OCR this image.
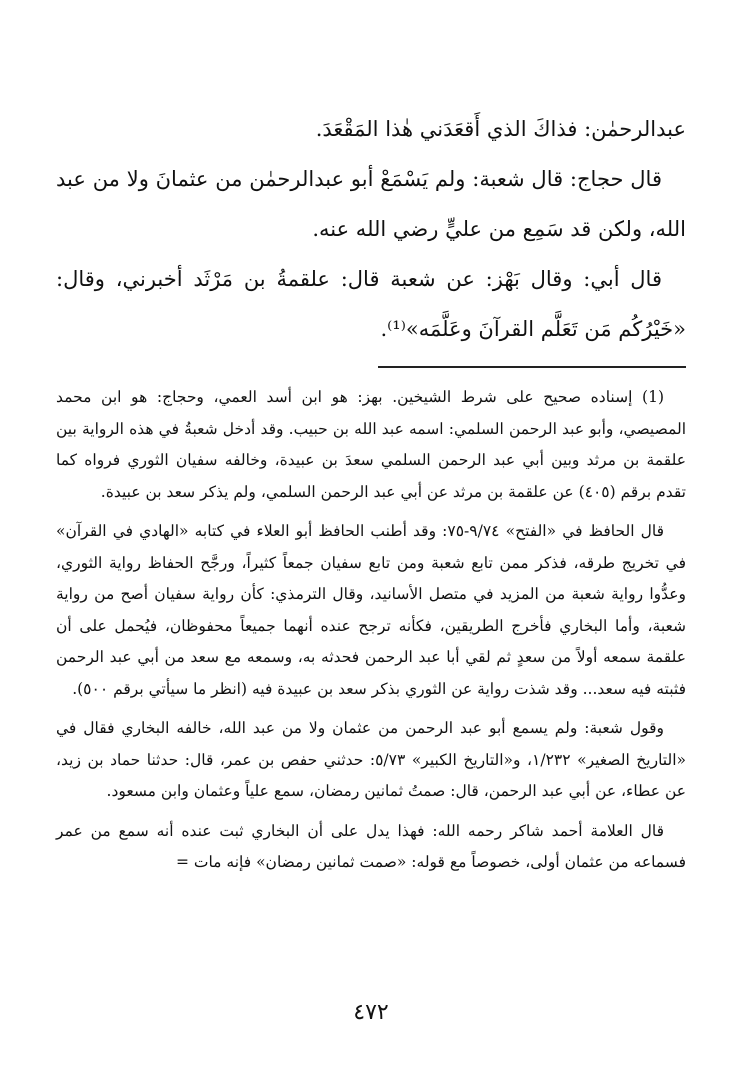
عبدالرحمٰن: فذاكَ الذي أَقعَدَني هٰذا المَقْعَدَ.

قال حجاج: قال شعبة: ولم يَسْمَعْ أبو عبدالرحمٰن من عثمانَ ولا من عبد الله، ولكن قد سَمِع من عليٍّ رضي الله عنه.

قال أبي: وقال بَهْز: عن شعبة قال: علقمةُ بن مَرْثَد أخبرني، وقال: «خَيْرُكُم مَن تَعَلَّم القرآنَ وعَلَّمَه»⁽¹⁾.

(1) إسناده صحيح على شرط الشيخين. بهز: هو ابن أسد العمي، وحجاج: هو ابن محمد المصيصي، وأبو عبد الرحمن السلمي: اسمه عبد الله بن حبيب. وقد أدخل شعبةُ في هذه الرواية بين علقمة بن مرثد وبين أبي عبد الرحمن السلمي سعدَ بن عبيدة، وخالفه سفيان الثوري فرواه كما تقدم برقم (٤٠٥) عن علقمة بن مرثد عن أبي عبد الرحمن السلمي، ولم يذكر سعد بن عبيدة.

قال الحافظ في «الفتح» ٩/٧٤-٧٥: وقد أطنب الحافظ أبو العلاء في كتابه «الهادي في القرآن» في تخريج طرقه، فذكر ممن تابع شعبة ومن تابع سفيان جمعاً كثيراً، ورجَّح الحفاظ رواية الثوري، وعدُّوا رواية شعبة من المزيد في متصل الأسانيد، وقال الترمذي: كأن رواية سفيان أصح من رواية شعبة، وأما البخاري فأخرج الطريقين، فكأنه ترجح عنده أنهما جميعاً محفوظان، فيُحمل على أن علقمة سمعه أولاً من سعدٍ ثم لقي أبا عبد الرحمن فحدثه به، وسمعه مع سعد من أبي عبد الرحمن فثبته فيه سعد... وقد شذت رواية عن الثوري بذكر سعد بن عبيدة فيه (انظر ما سيأتي برقم ٥٠٠).

وقول شعبة: ولم يسمع أبو عبد الرحمن من عثمان ولا من عبد الله، خالفه البخاري فقال في «التاريخ الصغير» ١/٢٣٢، و«التاريخ الكبير» ٥/٧٣: حدثني حفص بن عمر، قال: حدثنا حماد بن زيد، عن عطاء، عن أبي عبد الرحمن، قال: صمتُ ثمانين رمضان، سمع علياً وعثمان وابن مسعود.

قال العلامة أحمد شاكر رحمه الله: فهذا يدل على أن البخاري ثبت عنده أنه سمع من عمر فسماعه من عثمان أولى، خصوصاً مع قوله: «صمت ثمانين رمضان» فإنه مات =

٤٧٢
